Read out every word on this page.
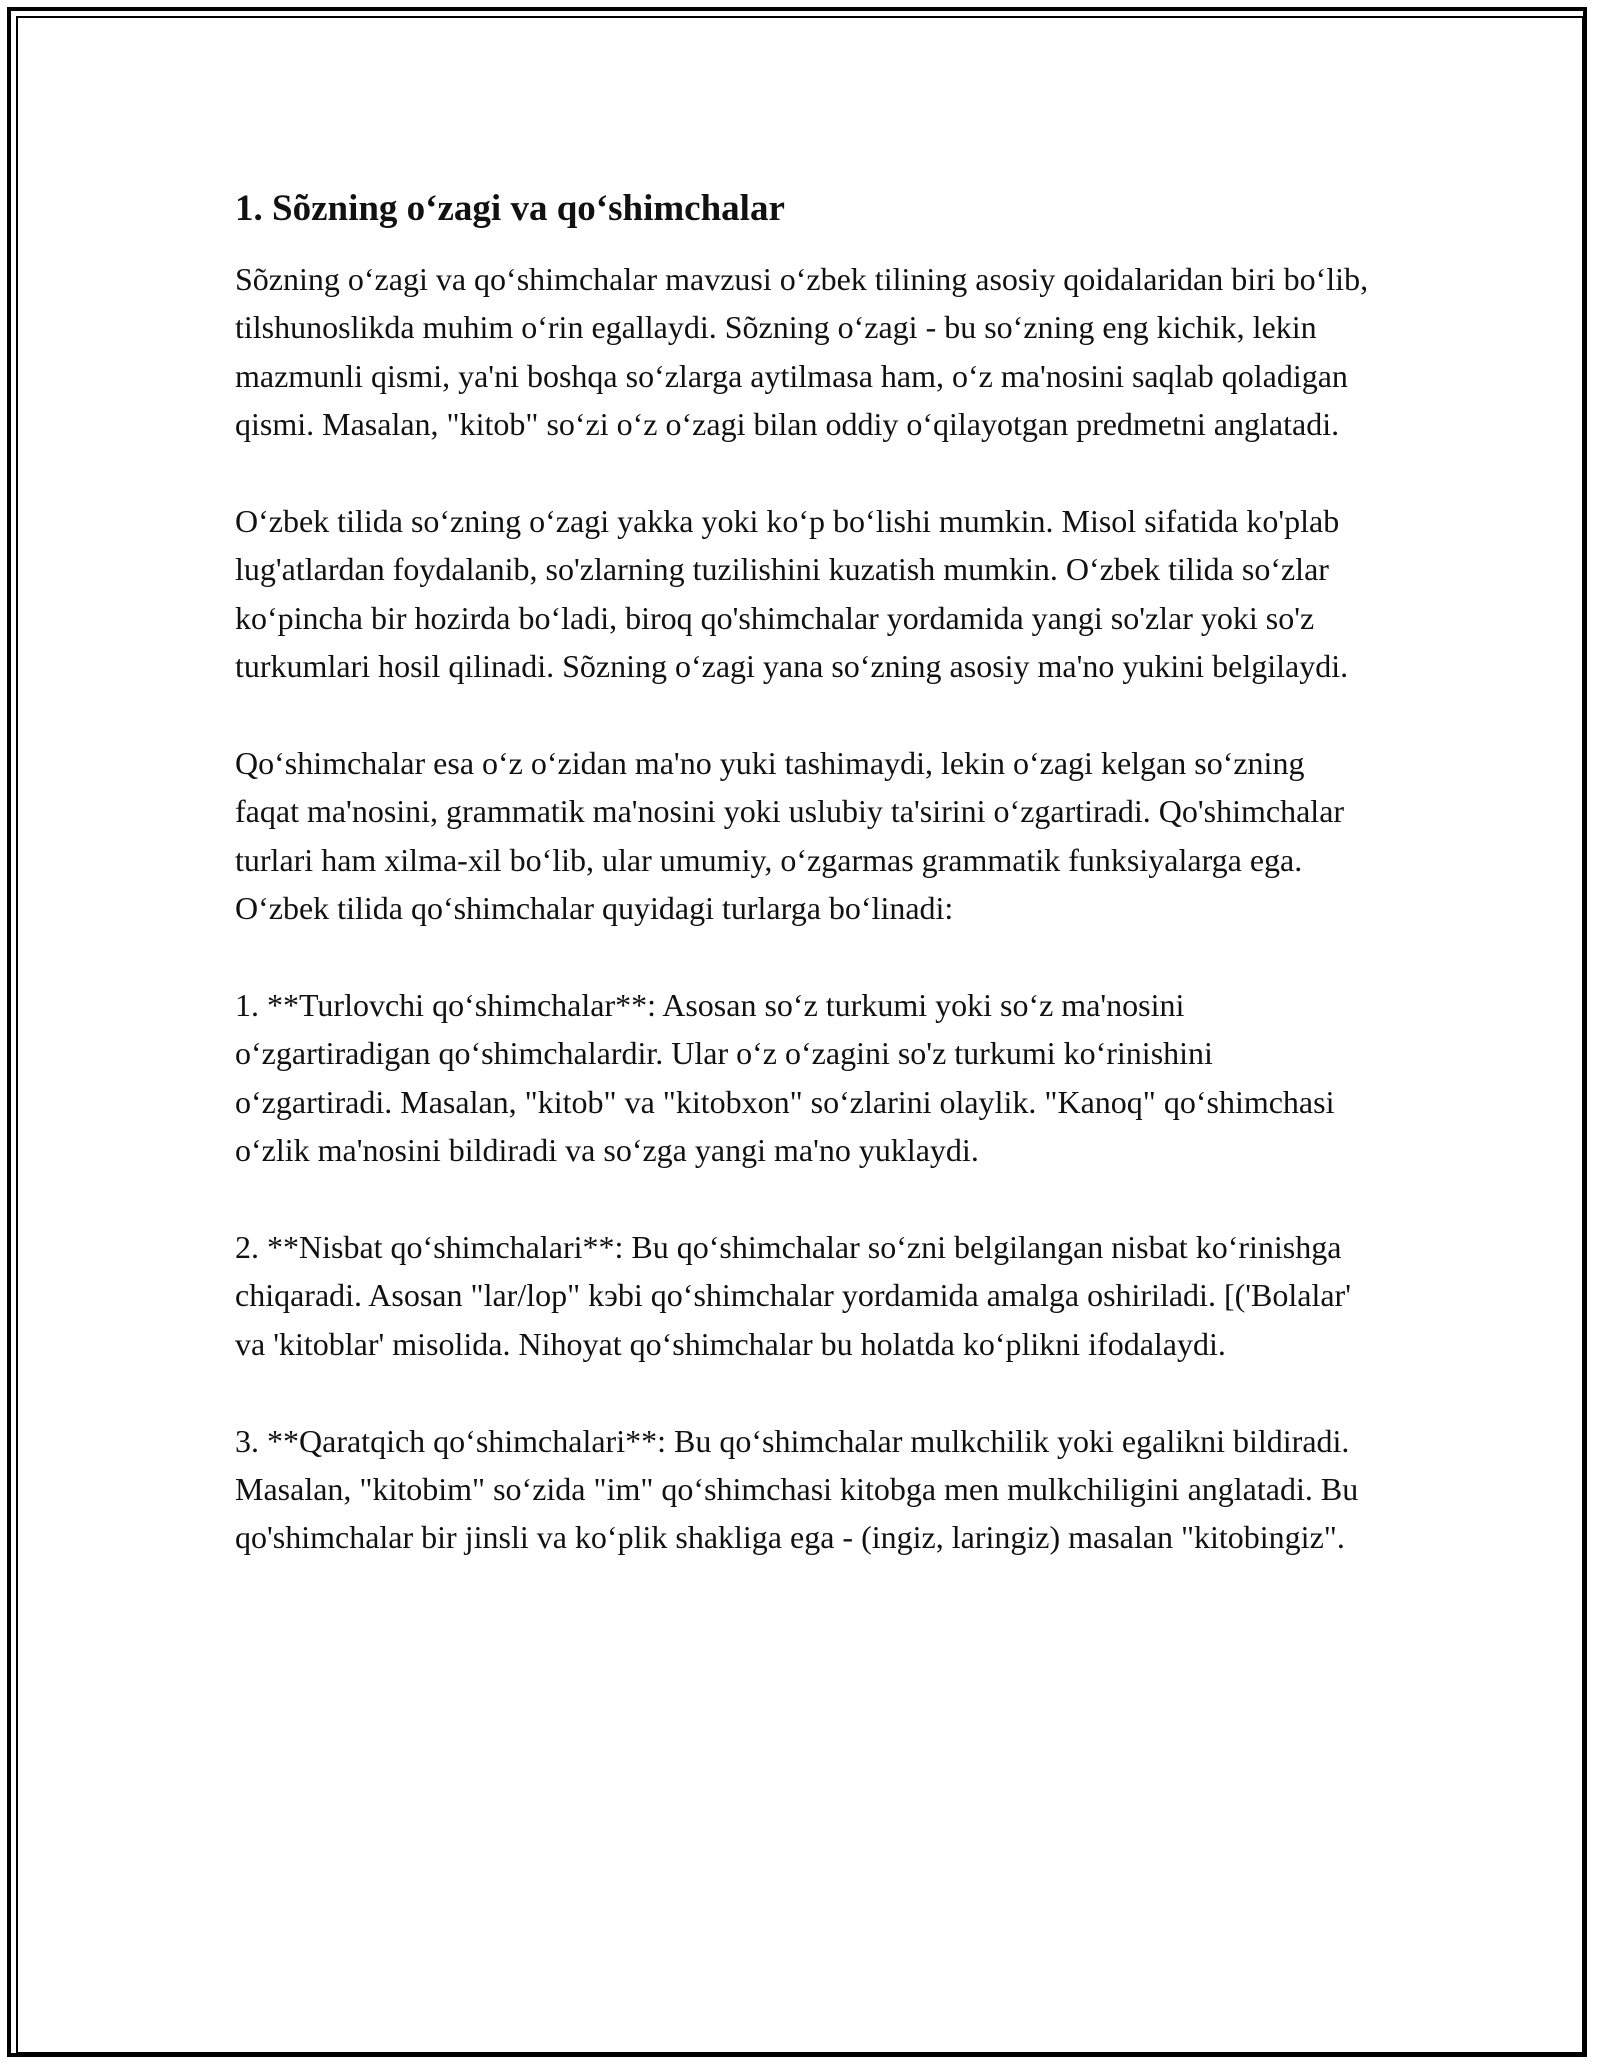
1. Sõzning oʻzagi va qoʻshimchalar

Sõzning oʻzagi va qoʻshimchalar mavzusi oʻzbek tilining asosiy qoidalaridan biri boʻlib, tilshunoslikda muhim oʻrin egallaydi. Sõzning oʻzagi - bu soʻzning eng kichik, lekin mazmunli qismi, ya'ni boshqa soʻzlarga aytilmasa ham, oʻz ma'nosini saqlab qoladigan qismi. Masalan, "kitob" soʻzi oʻz oʻzagi bilan oddiy oʻqilayotgan predmetni anglatadi.

Oʻzbek tilida soʻzning oʻzagi yakka yoki koʻp boʻlishi mumkin. Misol sifatida ko'plab lug'atlardan foydalanib, so'zlarning tuzilishini kuzatish mumkin. Oʻzbek tilida soʻzlar koʻpincha bir hozirda boʻladi, biroq qo'shimchalar yordamida yangi so'zlar yoki so'z turkumlari hosil qilinadi. Sõzning oʻzagi yana soʻzning asosiy ma'no yukini belgilaydi.

Qoʻshimchalar esa oʻz oʻzidan ma'no yuki tashimaydi, lekin oʻzagi kelgan soʻzning faqat ma'nosini, grammatik ma'nosini yoki uslubiy ta'sirini oʻzgartiradi. Qo'shimchalar turlari ham xilma-xil boʻlib, ular umumiy, oʻzgarmas grammatik funksiyalarga ega. Oʻzbek tilida qoʻshimchalar quyidagi turlarga boʻlinadi:

1. **Turlovchi qoʻshimchalar**: Asosan soʻz turkumi yoki soʻz ma'nosini oʻzgartiradigan qoʻshimchalardir. Ular oʻz oʻzagini so'z turkumi koʻrinishini oʻzgartiradi. Masalan, "kitob" va "kitobxon" soʻzlarini olaylik. "Kanoq" qoʻshimchasi oʻzlik ma'nosini bildiradi va soʻzga yangi ma'no yuklaydi.

2. **Nisbat qoʻshimchalari**: Bu qoʻshimchalar soʻzni belgilangan nisbat koʻrinishga chiqaradi. Asosan "lar/lop" kэbi qoʻshimchalar yordamida amalga oshiriladi. [('Bolalar' va 'kitoblar' misolida. Nihoyat qoʻshimchalar bu holatda koʻplikni ifodalaydi.

3. **Qaratqich qoʻshimchalari**: Bu qoʻshimchalar mulkchilik yoki egalikni bildiradi. Masalan, "kitobim" soʻzida "im" qoʻshimchasi kitobga men mulkchiligini anglatadi. Bu qo'shimchalar bir jinsli va koʻplik shakliga ega - (ingiz, laringiz) masalan "kitobingiz".
